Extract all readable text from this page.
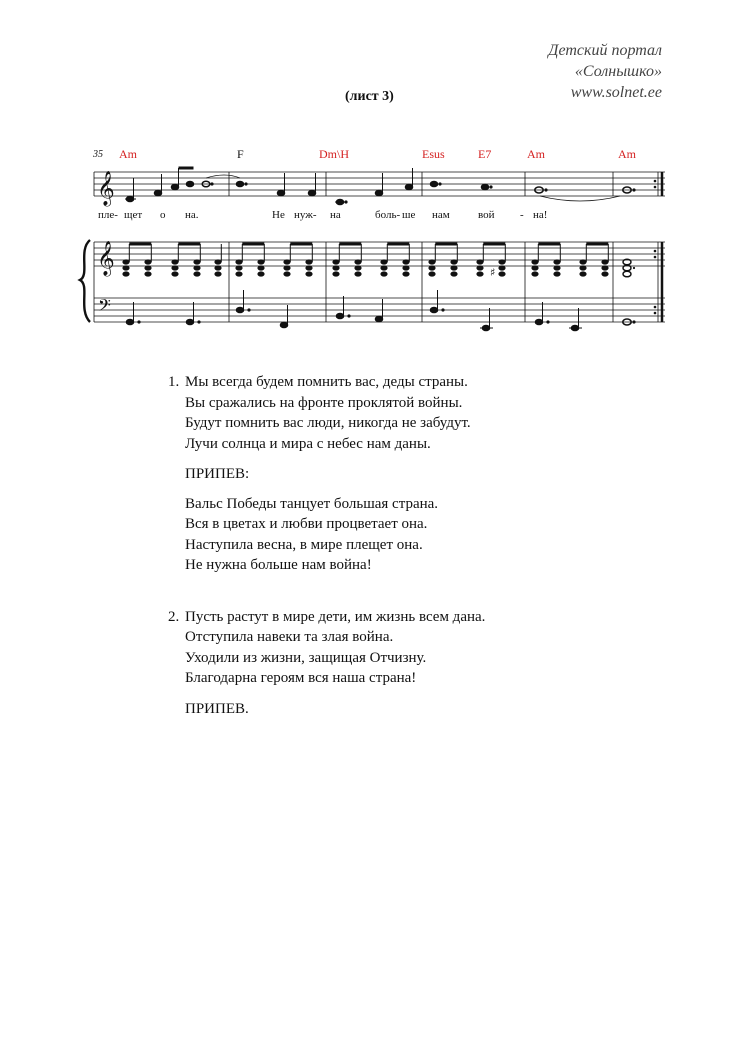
Детский портал
«Солнышко»
www.solnet.ee
(лист 3)
35 Am	F	Dm\H	Esus	E7	Am	Am
𝄞
пле- щет о на.	Не нуж- на	боль- ше нам	вой - на!
𝄞
𝄢
♯
1. Мы всегда будем помнить вас, деды страны.
Вы сражались на фронте проклятой войны.
Будут помнить вас люди, никогда не забудут.
Лучи солнца и мира с небес нам даны.
ПРИПЕВ:
Вальс Победы танцует большая страна.
Вся в цветах и любви процветает она.
Наступила весна, в мире плещет она.
Не нужна больше нам война!
2. Пусть растут в мире дети, им жизнь всем дана.
Отступила навеки та злая война.
Уходили из жизни, защищая Отчизну.
Благодарна героям вся наша страна!
ПРИПЕВ.
